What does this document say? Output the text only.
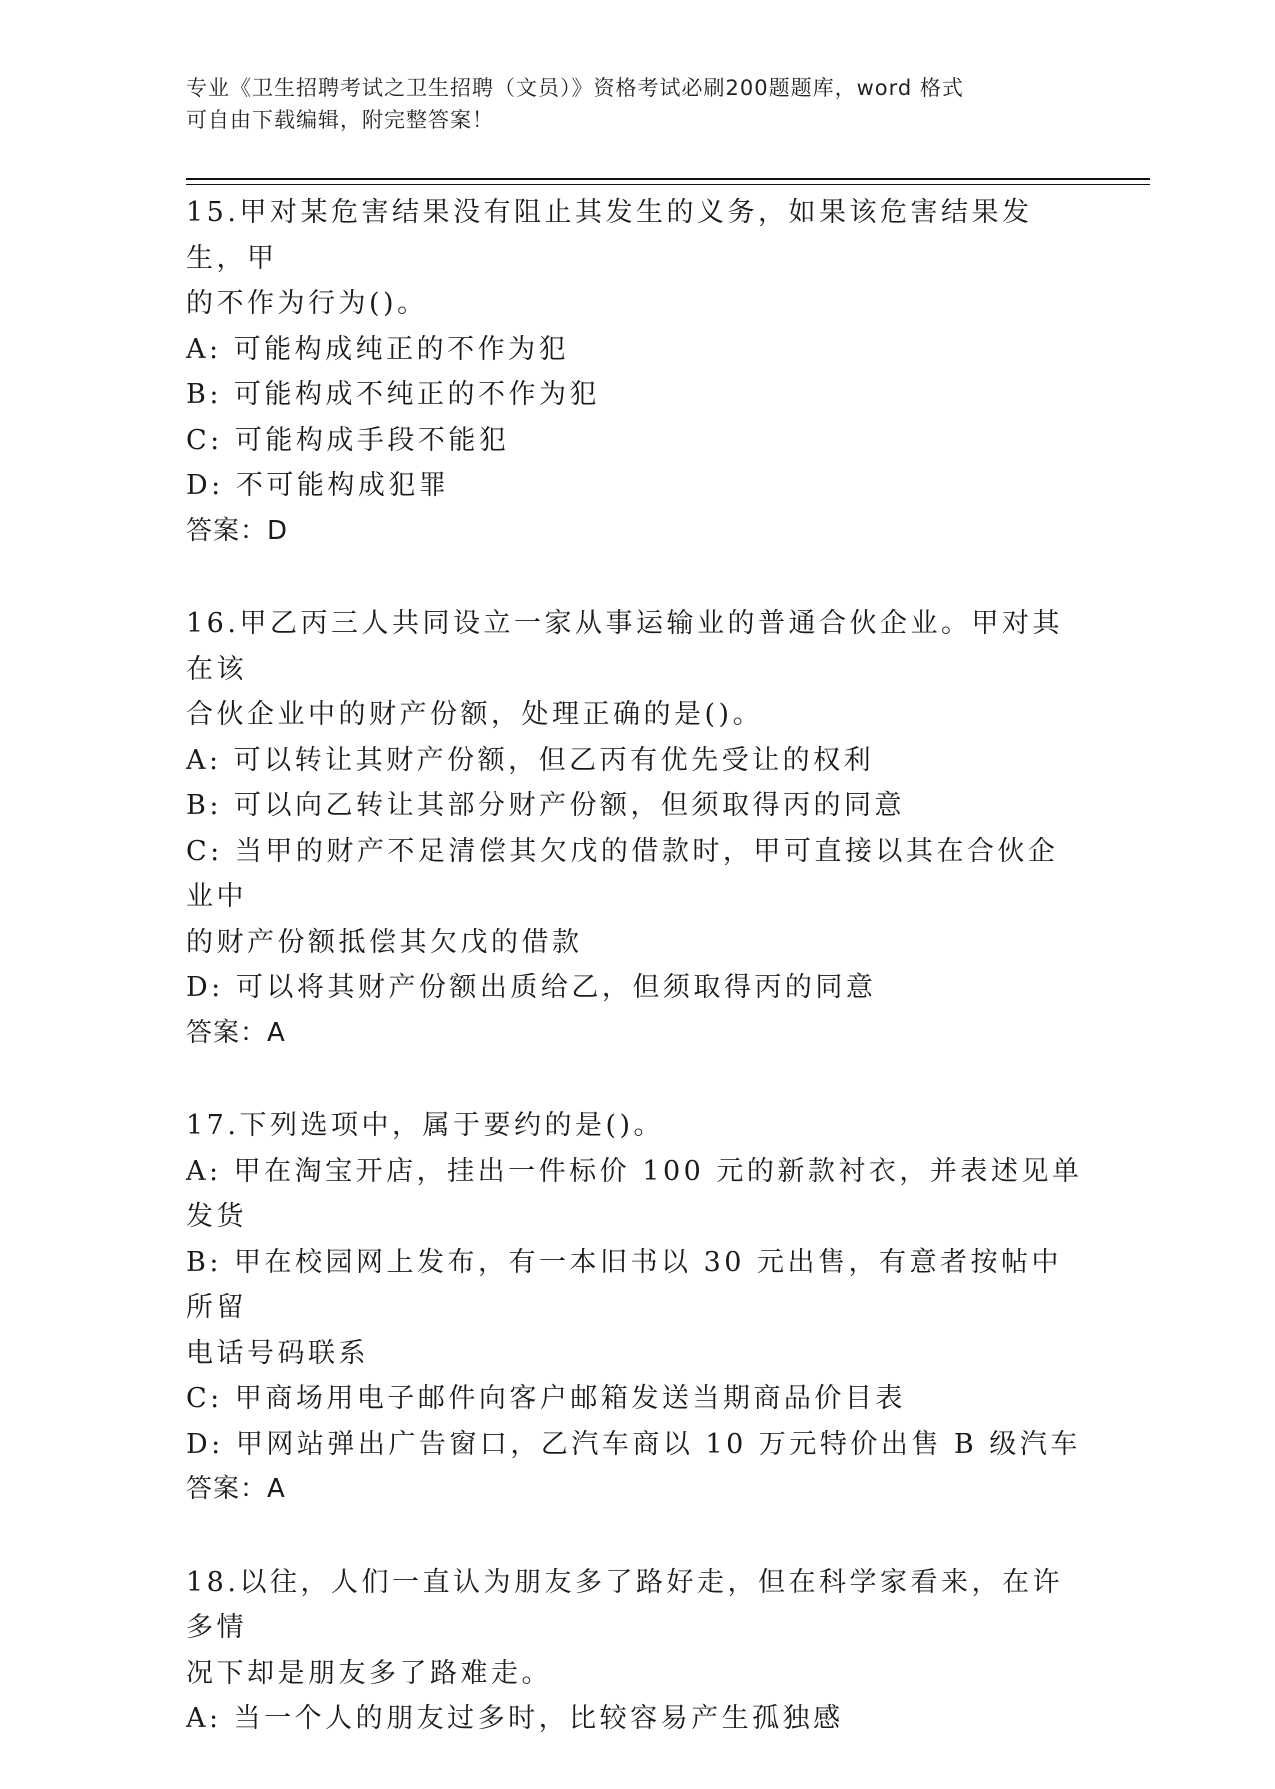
专业《卫生招聘考试之卫生招聘（文员）》资格考试必刷200题题库，word 格式
可自由下载编辑，附完整答案！
15.甲对某危害结果没有阻止其发生的义务，如果该危害结果发生，甲
的不作为行为()。
A: 可能构成纯正的不作为犯
B: 可能构成不纯正的不作为犯
C: 可能构成手段不能犯
D: 不可能构成犯罪
答案：D
16.甲乙丙三人共同设立一家从事运输业的普通合伙企业。甲对其在该
合伙企业中的财产份额，处理正确的是()。
A: 可以转让其财产份额，但乙丙有优先受让的权利
B: 可以向乙转让其部分财产份额，但须取得丙的同意
C: 当甲的财产不足清偿其欠戊的借款时，甲可直接以其在合伙企业中
的财产份额抵偿其欠戊的借款
D: 可以将其财产份额出质给乙，但须取得丙的同意
答案：A
17.下列选项中，属于要约的是()。
A: 甲在淘宝开店，挂出一件标价 100 元的新款衬衣，并表述见单发货
B: 甲在校园网上发布，有一本旧书以 30 元出售，有意者按帖中所留
电话号码联系
C: 甲商场用电子邮件向客户邮箱发送当期商品价目表
D: 甲网站弹出广告窗口，乙汽车商以 10 万元特价出售 B 级汽车
答案：A
18.以往，人们一直认为朋友多了路好走，但在科学家看来，在许多情
况下却是朋友多了路难走。
A: 当一个人的朋友过多时，比较容易产生孤独感
